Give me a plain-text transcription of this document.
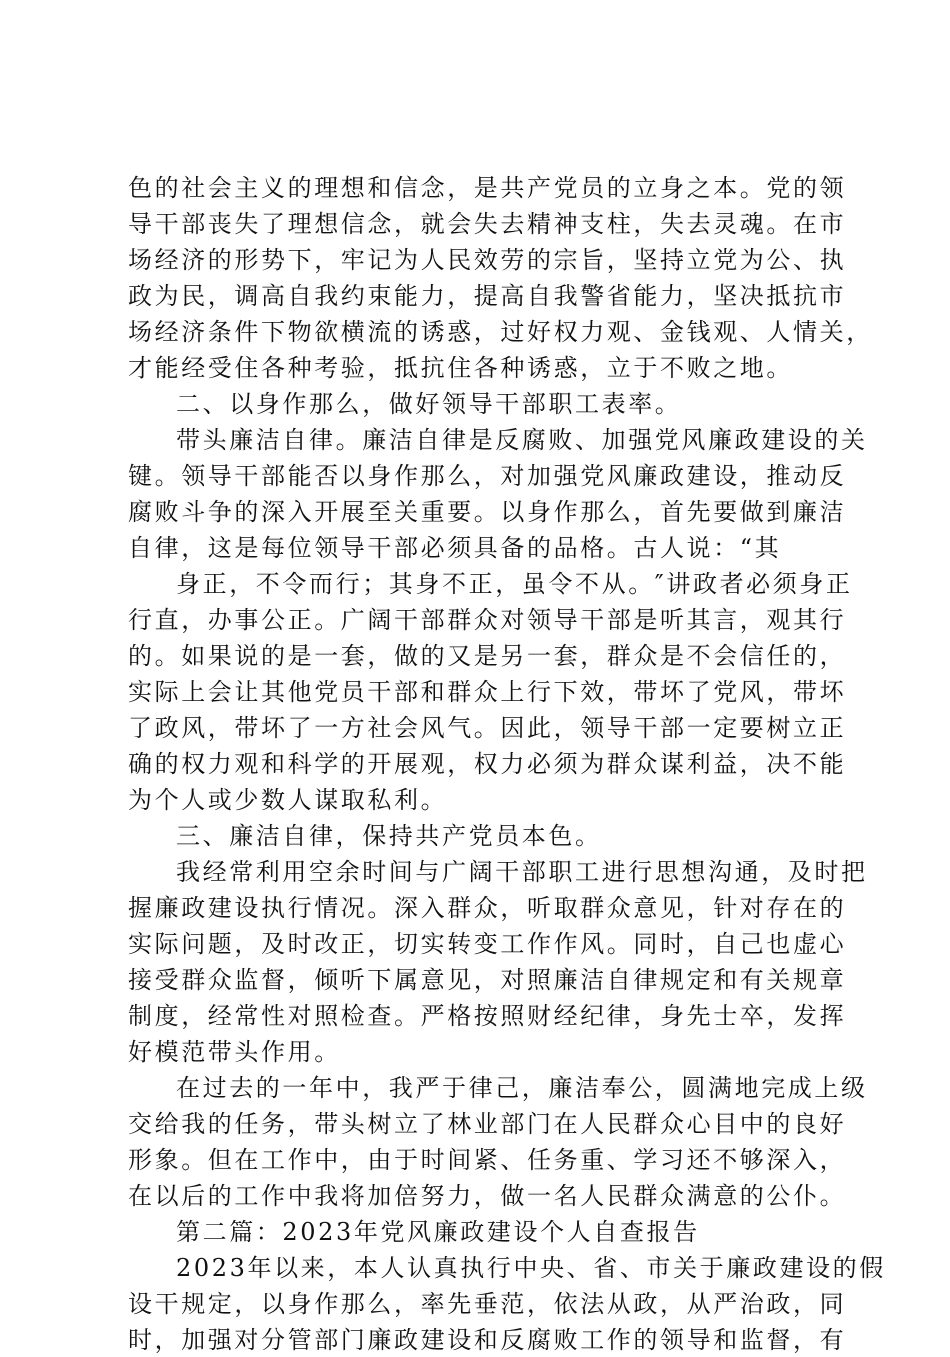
色的社会主义的理想和信念，是共产党员的立身之本。党的领
导干部丧失了理想信念，就会失去精神支柱，失去灵魂。在市
场经济的形势下，牢记为人民效劳的宗旨，坚持立党为公、执
政为民，调高自我约束能力，提高自我警省能力，坚决抵抗市
场经济条件下物欲横流的诱惑，过好权力观、金钱观、人情关，
才能经受住各种考验，抵抗住各种诱惑，立于不败之地。
二、以身作那么，做好领导干部职工表率。
带头廉洁自律。廉洁自律是反腐败、加强党风廉政建设的关
键。领导干部能否以身作那么，对加强党风廉政建设，推动反
腐败斗争的深入开展至关重要。以身作那么，首先要做到廉洁
自律，这是每位领导干部必须具备的品格。古人说：“其
身正，不令而行；其身不正，虽令不从。″讲政者必须身正
行直，办事公正。广阔干部群众对领导干部是听其言，观其行
的。如果说的是一套，做的又是另一套，群众是不会信任的，
实际上会让其他党员干部和群众上行下效，带坏了党风，带坏
了政风，带坏了一方社会风气。因此，领导干部一定要树立正
确的权力观和科学的开展观，权力必须为群众谋利益，决不能
为个人或少数人谋取私利。
三、廉洁自律，保持共产党员本色。
我经常利用空余时间与广阔干部职工进行思想沟通，及时把
握廉政建设执行情况。深入群众，听取群众意见，针对存在的
实际问题，及时改正，切实转变工作作风。同时，自己也虚心
接受群众监督，倾听下属意见，对照廉洁自律规定和有关规章
制度，经常性对照检查。严格按照财经纪律，身先士卒，发挥
好模范带头作用。
在过去的一年中，我严于律己，廉洁奉公，圆满地完成上级
交给我的任务，带头树立了林业部门在人民群众心目中的良好
形象。但在工作中，由于时间紧、任务重、学习还不够深入，
在以后的工作中我将加倍努力，做一名人民群众满意的公仆。
第二篇：2023年党风廉政建设个人自查报告
2023年以来，本人认真执行中央、省、市关于廉政建设的假
设干规定，以身作那么，率先垂范，依法从政，从严治政，同
时，加强对分管部门廉政建设和反腐败工作的领导和监督，有
